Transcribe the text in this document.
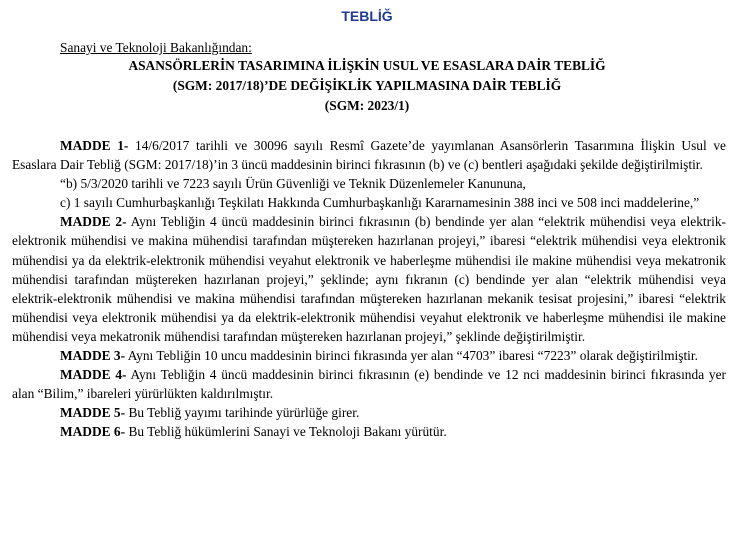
TEBLİĞ
Sanayi ve Teknoloji Bakanlığından:
ASANSÖRLERİN TASARIMINA İLİŞKİN USUL VE ESASLARA DAİR TEBLİĞ
(SGM: 2017/18)’DE DEĞİŞİKLİK YAPILMASINA DAİR TEBLİĞ
(SGM: 2023/1)

MADDE 1- 14/6/2017 tarihli ve 30096 sayılı Resmî Gazete’de yayımlanan Asansörlerin Tasarımına İlişkin Usul ve Esaslara Dair Tebliğ (SGM: 2017/18)’in 3 üncü maddesinin birinci fıkrasının (b) ve (c) bentleri aşağıdaki şekilde değiştirilmiştir.

“b) 5/3/2020 tarihli ve 7223 sayılı Ürün Güvenliği ve Teknik Düzenlemeler Kanununa,

c) 1 sayılı Cumhurbaşkanlığı Teşkilatı Hakkında Cumhurbaşkanlığı Kararnamesinin 388 inci ve 508 inci maddelerine,”

MADDE 2- Aynı Tebliğin 4 üncü maddesinin birinci fıkrasının (b) bendinde yer alan “elektrik mühendisi veya elektrik-elektronik mühendisi ve makina mühendisi tarafından müştereken hazırlanan projeyi,” ibaresi “elektrik mühendisi veya elektronik mühendisi ya da elektrik-elektronik mühendisi veyahut elektronik ve haberleşme mühendisi ile makine mühendisi veya mekatronik mühendisi tarafından müştereken hazırlanan projeyi,” şeklinde; aynı fıkranın (c) bendinde yer alan “elektrik mühendisi veya elektrik-elektronik mühendisi ve makina mühendisi tarafından müştereken hazırlanan mekanik tesisat projesini,” ibaresi “elektrik mühendisi veya elektronik mühendisi ya da elektrik-elektronik mühendisi veyahut elektronik ve haberleşme mühendisi ile makine mühendisi veya mekatronik mühendisi tarafından müştereken hazırlanan projeyi,” şeklinde değiştirilmiştir.

MADDE 3- Aynı Tebliğin 10 uncu maddesinin birinci fıkrasında yer alan “4703” ibaresi “7223” olarak değiştirilmiştir.

MADDE 4- Aynı Tebliğin 4 üncü maddesinin birinci fıkrasının (e) bendinde ve 12 nci maddesinin birinci fıkrasında yer alan “Bilim,” ibareleri yürürlükten kaldırılmıştır.

MADDE 5- Bu Tebliğ yayımı tarihinde yürürlüğe girer.

MADDE 6- Bu Tebliğ hükümlerini Sanayi ve Teknoloji Bakanı yürütür.
